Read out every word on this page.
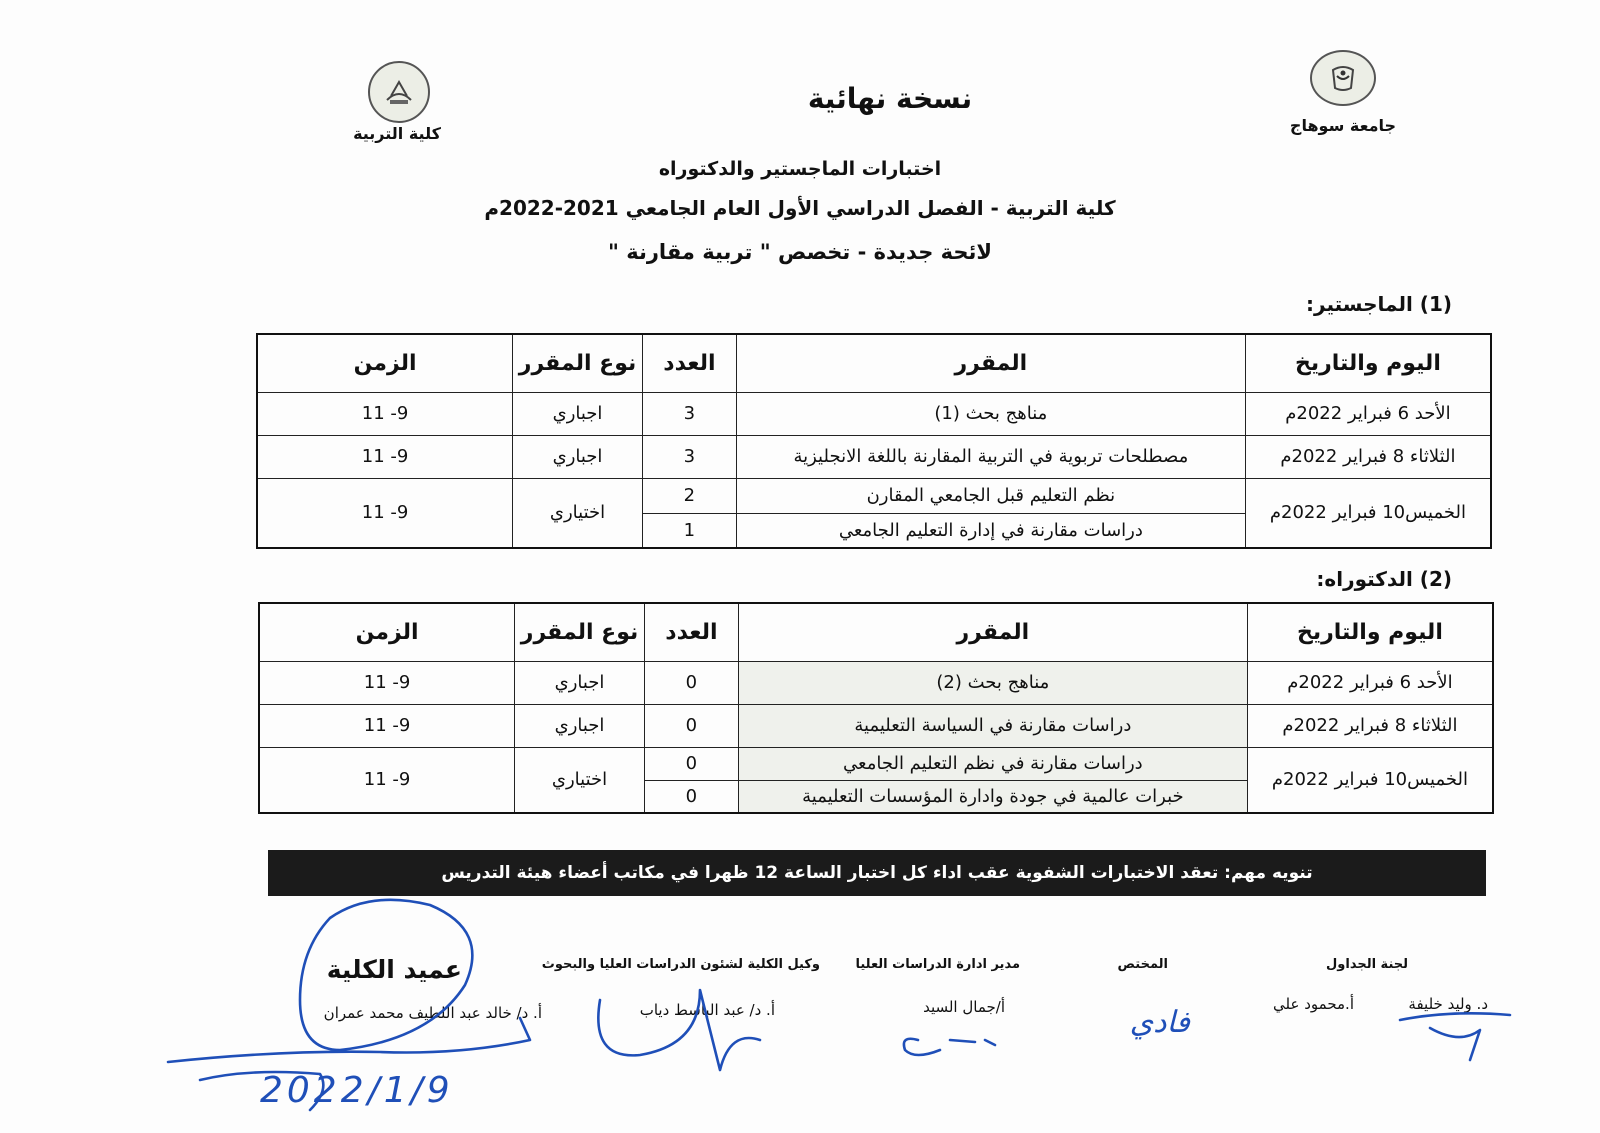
كلية التربية	جامعة سوهاج
نسخة نهائية
اختبارات الماجستير والدكتوراه
كلية التربية - الفصل الدراسي الأول العام الجامعي 2021-2022م
لائحة جديدة - تخصص " تربية مقارنة "
(1) الماجستير:
اليوم والتاريخ	المقرر	العدد	نوع المقرر	الزمن
الأحد 6 فبراير 2022م	مناهج بحث (1)	3	اجباري	9- 11
الثلاثاء 8 فبراير 2022م	مصطلحات تربوية في التربية المقارنة باللغة الانجليزية	3	اجباري	9- 11
الخميس10 فبراير 2022م	نظم التعليم قبل الجامعي المقارن	2	اختياري	9- 11
	دراسات مقارنة في إدارة التعليم الجامعي	1		
(2) الدكتوراه:
اليوم والتاريخ	المقرر	العدد	نوع المقرر	الزمن
الأحد 6 فبراير 2022م	مناهج بحث (2)	0	اجباري	9- 11
الثلاثاء 8 فبراير 2022م	دراسات مقارنة في السياسة التعليمية	0	اجباري	9- 11
الخميس10 فبراير 2022م	دراسات مقارنة في نظم التعليم الجامعي	0	اختياري	9- 11
	خبرات عالمية في جودة وادارة المؤسسات التعليمية	0		
تنويه مهم: تعقد الاختبارات الشفوية عقب اداء كل اختبار الساعة 12 ظهرا في مكاتب أعضاء هيئة التدريس
لجنة الجداول
د. وليد خليفة
أ.محمود علي
المختص
فادي
مدير ادارة الدراسات العليا
أ/جمال السيد
وكيل الكلية لشئون الدراسات العليا والبحوث
أ. د/ عبد الباسط دياب
عميد الكلية
أ. د/ خالد عبد اللطيف محمد عمران
2022/1/9
